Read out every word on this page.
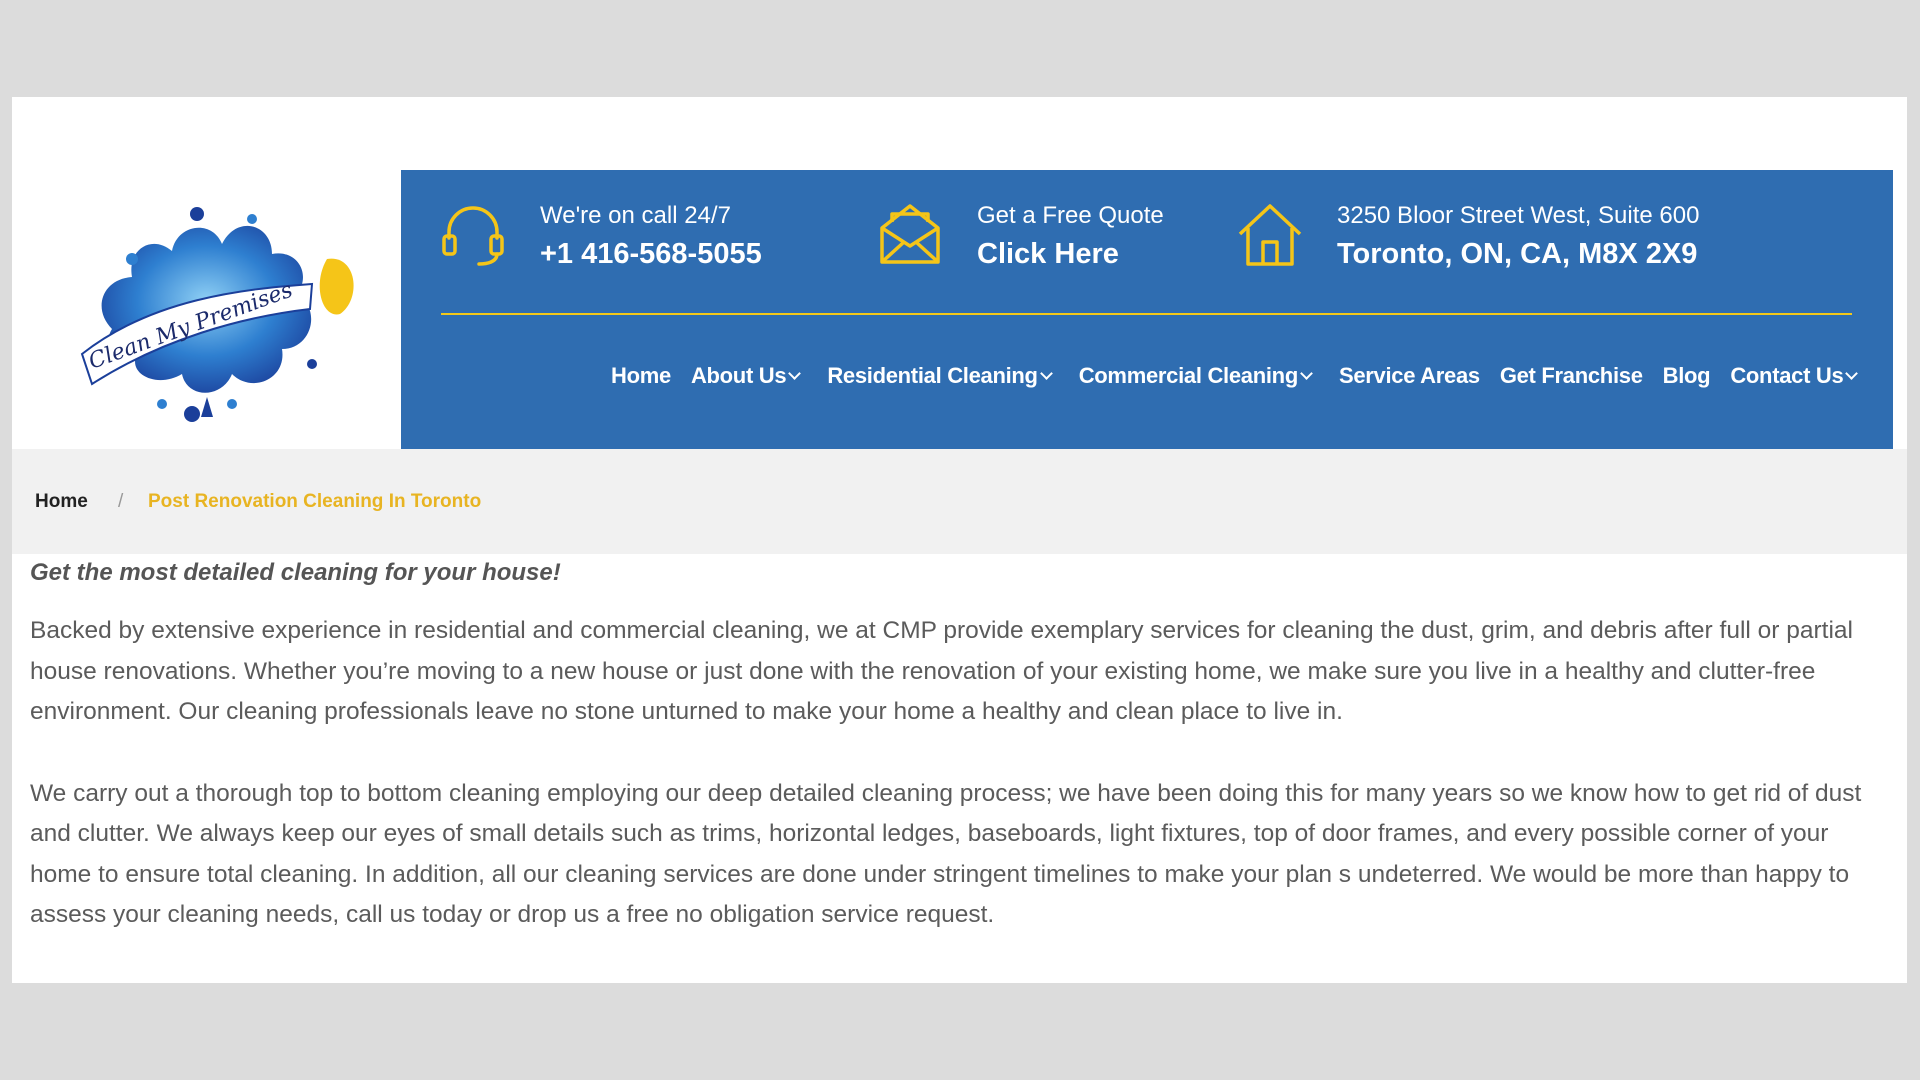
Clean My Premises
We're on call 24/7
+1 416-568-5055
Get a Free Quote
Click Here
3250 Bloor Street West, Suite 600
Toronto, ON, CA, M8X 2X9
Home About Us Residential Cleaning Commercial Cleaning Service Areas Get Franchise Blog Contact Us
Home / Post Renovation Cleaning In Toronto

Get the most detailed cleaning for your house!

Backed by extensive experience in residential and commercial cleaning, we at CMP provide exemplary services for cleaning the dust, grim, and debris after full or partial house renovations. Whether you’re moving to a new house or just done with the renovation of your existing home, we make sure you live in a healthy and clutter-free environment. Our cleaning professionals leave no stone unturned to make your home a healthy and clean place to live in.

We carry out a thorough top to bottom cleaning employing our deep detailed cleaning process; we have been doing this for many years so we know how to get rid of dust and clutter. We always keep our eyes of small details such as trims, horizontal ledges, baseboards, light fixtures, top of door frames, and every possible corner of your home to ensure total cleaning. In addition, all our cleaning services are done under stringent timelines to make your plan s undeterred. We would be more than happy to assess your cleaning needs, call us today or drop us a free no obligation service request.
